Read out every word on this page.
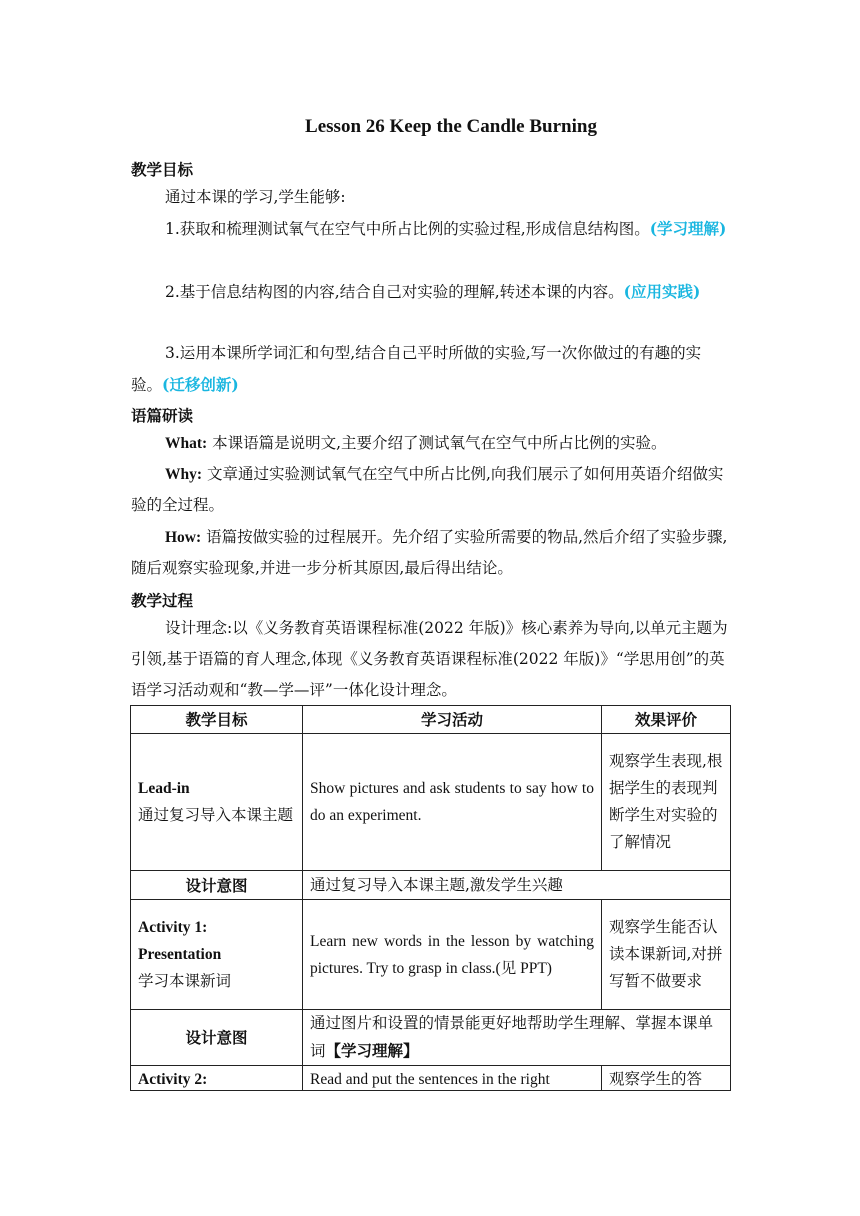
Lesson 26 Keep the Candle Burning
教学目标
通过本课的学习,学生能够:
1.获取和梳理测试氧气在空气中所占比例的实验过程,形成信息结构图。(学习理解)
2.基于信息结构图的内容,结合自己对实验的理解,转述本课的内容。(应用实践)
3.运用本课所学词汇和句型,结合自己平时所做的实验,写一次你做过的有趣的实验。(迁移创新)
语篇研读
What: 本课语篇是说明文,主要介绍了测试氧气在空气中所占比例的实验。
Why: 文章通过实验测试氧气在空气中所占比例,向我们展示了如何用英语介绍做实验的全过程。
How: 语篇按做实验的过程展开。先介绍了实验所需要的物品,然后介绍了实验步骤,随后观察实验现象,并进一步分析其原因,最后得出结论。
教学过程
设计理念:以《义务教育英语课程标准(2022 年版)》核心素养为导向,以单元主题为引领,基于语篇的育人理念,体现《义务教育英语课程标准(2022 年版)》“学思用创”的英语学习活动观和“教—学—评”一体化设计理念。
教学目标	学习活动	效果评价

Lead-in
通过复习导入本课主题	Show pictures and ask students to say how to do an experiment.	观察学生表现,根据学生的表现判断学生对实验的了解情况
设计意图	通过复习导入本课主题,激发学生兴趣	

Activity 1:
Presentation
学习本课新词	Learn new words in the lesson by watching pictures. Try to grasp in class.(见 PPT)	观察学生能否认读本课新词,对拼写暂不做要求
设计意图	通过图片和设置的情景能更好地帮助学生理解、掌握本课单词【学习理解】	

Activity 2:	Read and put the sentences in the right	观察学生的答
